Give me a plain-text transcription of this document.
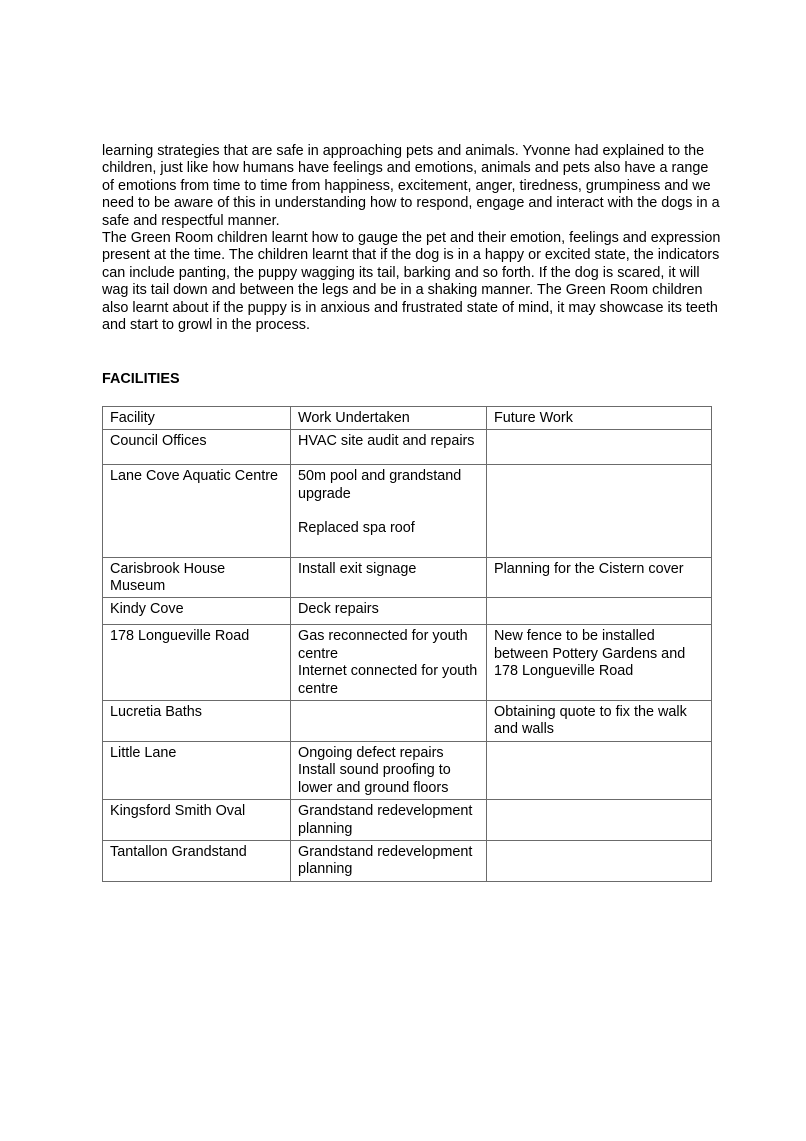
learning strategies that are safe in approaching pets and animals. Yvonne had explained to the children, just like how humans have feelings and emotions, animals and pets also have a range of emotions from time to time from happiness, excitement, anger, tiredness, grumpiness and we need to be aware of this in understanding how to respond, engage and interact with the dogs in a safe and respectful manner.

The Green Room children learnt how to gauge the pet and their emotion, feelings and expression present at the time. The children learnt that if the dog is in a happy or excited state, the indicators can include panting, the puppy wagging its tail, barking and so forth. If the dog is scared, it will wag its tail down and between the legs and be in a shaking manner. The Green Room children also learnt about if the puppy is in anxious and frustrated state of mind, it may showcase its teeth and start to growl in the process.

FACILITIES
Facility	Work Undertaken	Future Work
Council Offices	HVAC site audit and repairs	

Lane Cove Aquatic Centre	50m pool and grandstand upgrade
Replaced spa roof	

Carisbrook House Museum	Install exit signage	Planning for the Cistern cover

Kindy Cove	Deck repairs	

178 Longueville Road	Gas reconnected for youth centre
Internet connected for youth centre	New fence to be installed between Pottery Gardens and 178 Longueville Road

Lucretia Baths		Obtaining quote to fix the walk and walls

Little Lane	Ongoing defect repairs
Install sound proofing to lower and ground floors	

Kingsford Smith Oval	Grandstand redevelopment planning	

Tantallon Grandstand	Grandstand redevelopment planning	
